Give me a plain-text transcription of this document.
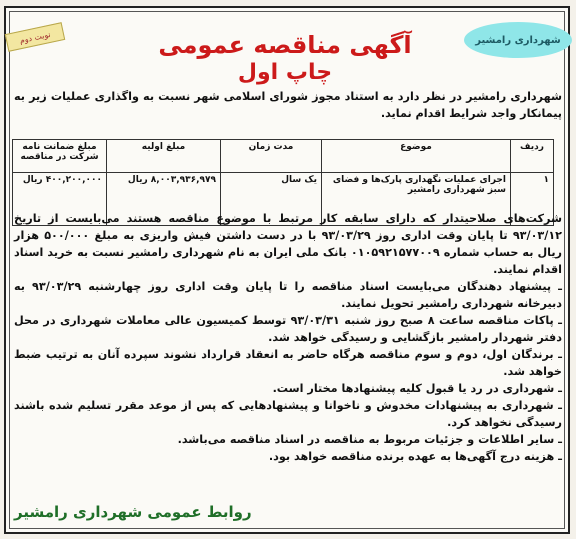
شهرداری رامشیر
نوبت دوم	آگهی مناقصه عمومی
چاپ اول
شهرداری رامشیر در نظر دارد به استناد مجوز شورای اسلامی شهر نسبت به واگذاری عملیات زیر به پیمانکار واجد شرایط اقدام نماید.
ردیف	موضوع	مدت زمان	مبلغ اولیه	مبلغ ضمانت نامه شرکت در مناقصه
۱	اجرای عملیات نگهداری پارک‌ها و فضای سبز شهرداری رامشیر	یک سال	۸,۰۰۳,۹۳۶,۹۷۹ ریال	۴۰۰,۲۰۰,۰۰۰ ریال
شرکت‌های صلاحیتدار که دارای سابقه کار مرتبط با موضوع مناقصه هستند می‌بایست از تاریخ ۹۳/۰۳/۱۲ تا پایان وقت اداری روز ۹۳/۰۳/۲۹ با در دست داشتن فیش واریزی به مبلغ ۵۰۰/۰۰۰ هزار ریال به حساب شماره ۰۱۰۵۹۲۱۵۷۷۰۰۹ بانک ملی ایران به نام شهرداری رامشیر نسبت به خرید اسناد اقدام نمایند.
ـ پیشنهاد دهندگان می‌بایست اسناد مناقصه را تا پایان وقت اداری روز چهارشنبه ۹۳/۰۳/۲۹ به دبیرخانه شهرداری رامشیر تحویل نمایند.
ـ پاکات مناقصه ساعت ۸ صبح روز شنبه ۹۳/۰۳/۳۱ توسط کمیسیون عالی معاملات شهرداری در محل دفتر شهردار رامشیر بازگشایی و رسیدگی خواهد شد.
ـ برندگان اول، دوم و سوم مناقصه هرگاه حاضر به انعقاد قرارداد نشوند سپرده آنان به ترتیب ضبط خواهد شد.
ـ شهرداری در رد یا قبول کلیه پیشنهادها مختار است.
ـ شهرداری به پیشنهادات مخدوش و ناخوانا و پیشنهادهایی که پس از موعد مقرر تسلیم شده باشند رسیدگی نخواهد کرد.
ـ سایر اطلاعات و جزئیات مربوط به مناقصه در اسناد مناقصه می‌باشد.
ـ هزینه درج آگهی‌ها به عهده برنده مناقصه خواهد بود.
روابط عمومی شهرداری رامشیر
